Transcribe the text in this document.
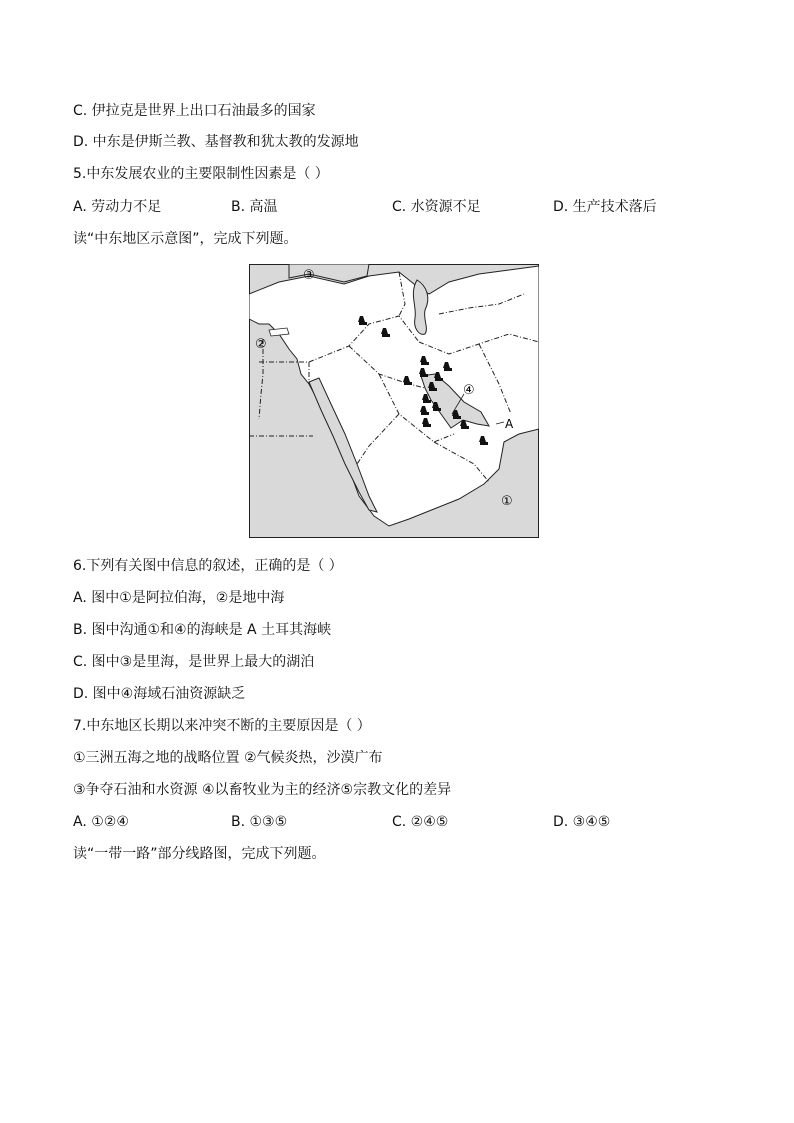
C. 伊拉克是世界上出口石油最多的国家
D. 中东是伊斯兰教、基督教和犹太教的发源地
5.中东发展农业的主要限制性因素是（ ）
A. 劳动力不足	B. 高温	C. 水资源不足	D. 生产技术落后
读“中东地区示意图”，完成下列题。
③
②
④
A
①
6.下列有关图中信息的叙述，正确的是（ ）
A. 图中①是阿拉伯海，②是地中海
B. 图中沟通①和④的海峡是 A 土耳其海峡
C. 图中③是里海，是世界上最大的湖泊
D. 图中④海域石油资源缺乏
7.中东地区长期以来冲突不断的主要原因是（ ）
①三洲五海之地的战略位置 ②气候炎热，沙漠广布
③争夺石油和水资源 ④以畜牧业为主的经济⑤宗教文化的差异
A. ①②④	B. ①③⑤	C. ②④⑤	D. ③④⑤
读“一带一路”部分线路图，完成下列题。
